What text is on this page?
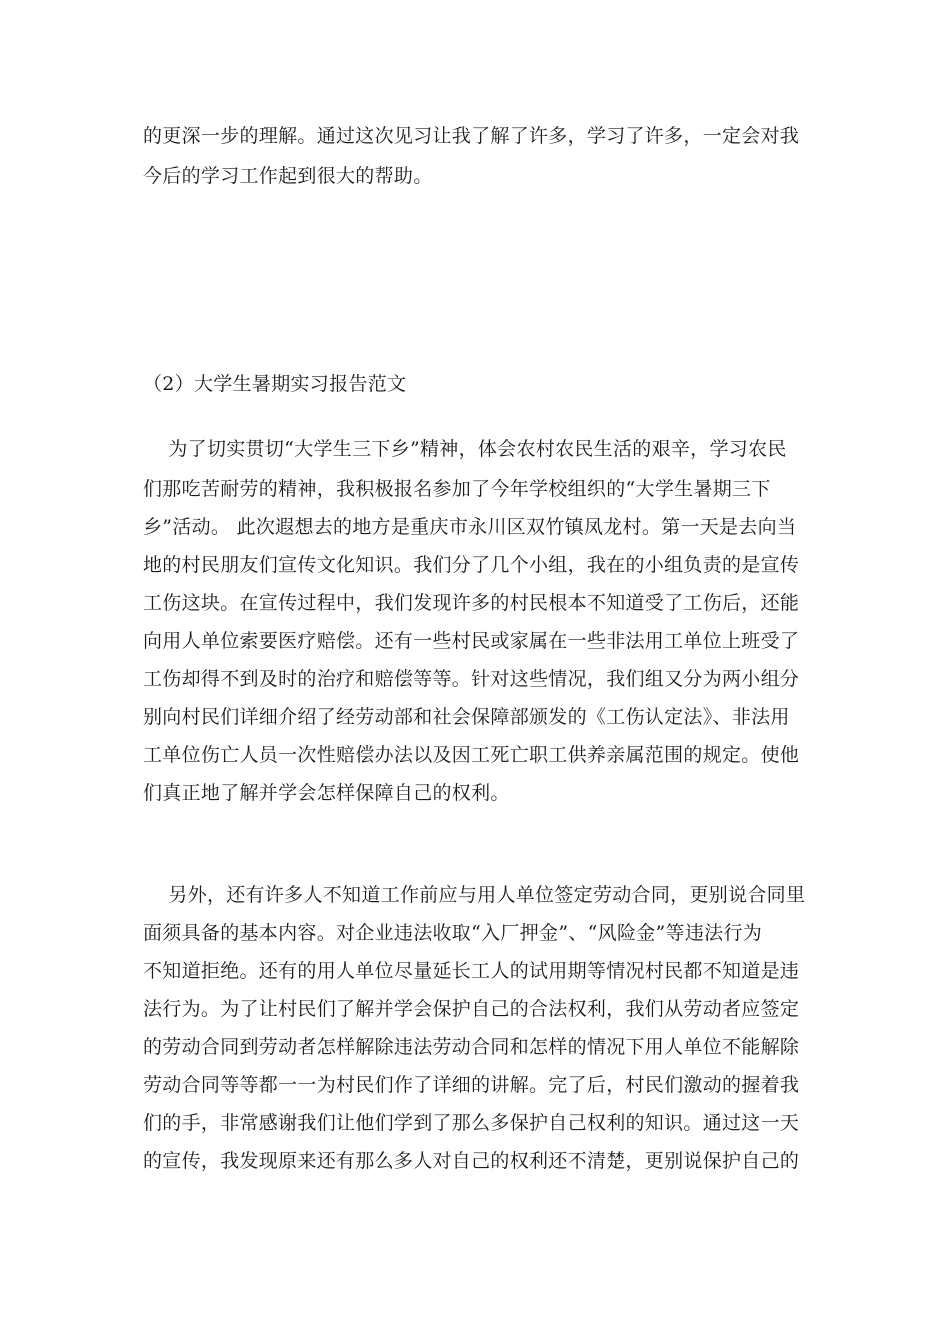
的更深一步的理解。通过这次见习让我了解了许多，学习了许多，一定会对我
今后的学习工作起到很大的帮助。
（2）大学生暑期实习报告范文
为了切实贯切“大学生三下乡”精神，体会农村农民生活的艰辛，学习农民
们那吃苦耐劳的精神，我积极报名参加了今年学校组织的“大学生暑期三下
乡”活动。 此次遐想去的地方是重庆市永川区双竹镇凤龙村。第一天是去向当
地的村民朋友们宣传文化知识。我们分了几个小组，我在的小组负责的是宣传
工伤这块。在宣传过程中，我们发现许多的村民根本不知道受了工伤后，还能
向用人单位索要医疗赔偿。还有一些村民或家属在一些非法用工单位上班受了
工伤却得不到及时的治疗和赔偿等等。针对这些情况，我们组又分为两小组分
别向村民们详细介绍了经劳动部和社会保障部颁发的《工伤认定法》、非法用
工单位伤亡人员一次性赔偿办法以及因工死亡职工供养亲属范围的规定。使他
们真正地了解并学会怎样保障自己的权利。
另外，还有许多人不知道工作前应与用人单位签定劳动合同，更别说合同里
面须具备的基本内容。对企业违法收取“入厂押金”、“风险金”等违法行为
不知道拒绝。还有的用人单位尽量延长工人的试用期等情况村民都不知道是违
法行为。为了让村民们了解并学会保护自己的合法权利，我们从劳动者应签定
的劳动合同到劳动者怎样解除违法劳动合同和怎样的情况下用人单位不能解除
劳动合同等等都一一为村民们作了详细的讲解。完了后，村民们激动的握着我
们的手，非常感谢我们让他们学到了那么多保护自己权利的知识。通过这一天
的宣传，我发现原来还有那么多人对自己的权利还不清楚，更别说保护自己的
